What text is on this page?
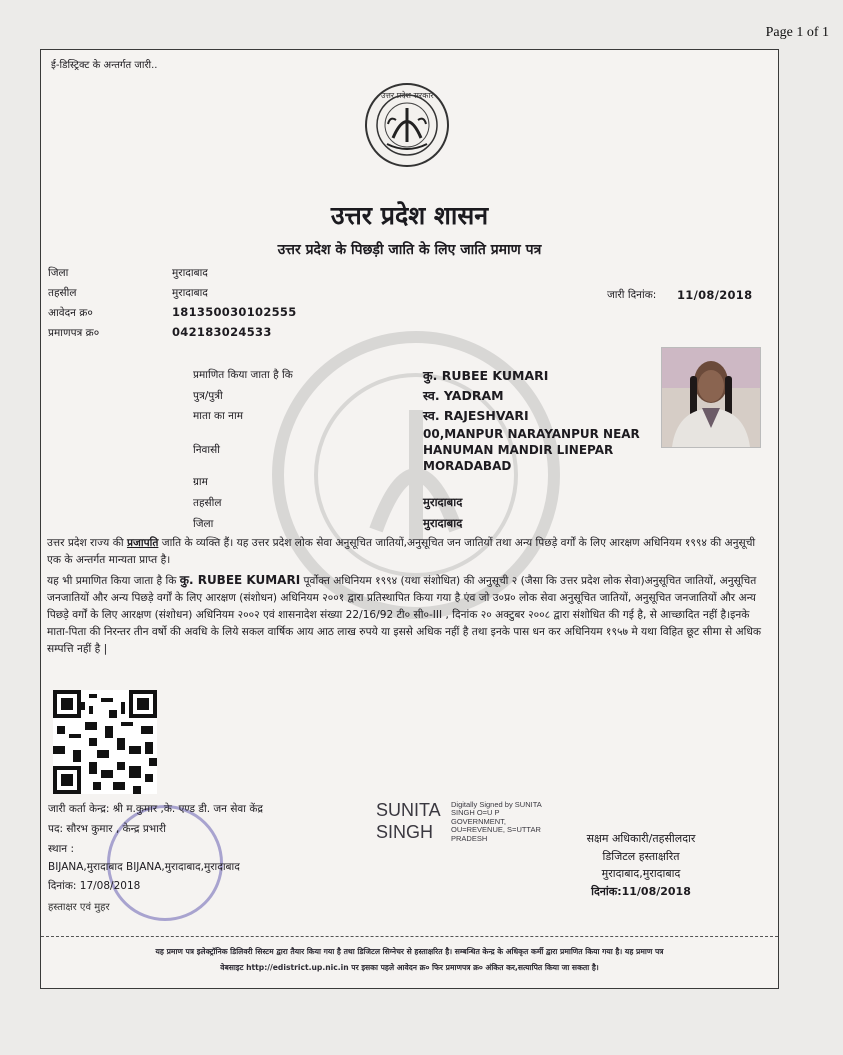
Page 1 of 1
ई-डिस्ट्रिक्ट के अन्तर्गत जारी..
उत्तर प्रदेश सरकार
उत्तर प्रदेश शासन
उत्तर प्रदेश के पिछड़ी जाति के लिए जाति प्रमाण पत्र
जिला	मुरादाबाद
तहसील	मुरादाबाद
आवेदन क्र०	181350030102555
प्रमाणपत्र क्र०	042183024533
जारी दिनांक: 11/08/2018
प्रमाणित किया जाता है कि	कु. RUBEE KUMARI
पुत्र/पुत्री	स्व. YADRAM
माता का नाम	स्व. RAJESHVARI
निवासी
00,MANPUR NARAYANPUR NEAR
HANUMAN MANDIR LINEPAR
MORADABAD
ग्राम
तहसील	मुरादाबाद
जिला	मुरादाबाद
उत्तर प्रदेश राज्य की प्रजापति जाति के व्यक्ति हैं। यह उत्तर प्रदेश लोक सेवा अनुसूचित जातियों,अनुसूचित जन जातियों तथा अन्य पिछड़े वर्गों के लिए आरक्षण अधिनियम १९९४ की अनुसूची एक के अन्तर्गत मान्यता प्राप्त है।
यह भी प्रमाणित किया जाता है कि कु. RUBEE KUMARI पूर्वोक्त अधिनियम १९९४ (यथा संशोधित) की अनुसूची २ (जैसा कि उत्तर प्रदेश लोक सेवा)अनुसूचित जातियों, अनुसूचित जनजातियों और अन्य पिछड़े वर्गों के लिए आरक्षण (संशोधन) अधिनियम २००१ द्वारा प्रतिस्थापित किया गया है एंव जो उ०प्र० लोक सेवा अनुसूचित जातियों, अनुसूचित जनजातियों और अन्य पिछड़े वर्गों के लिए आरक्षण (संशोधन) अधिनियम २००२ एवं शासनादेश संख्या 22/16/92 टी० सी०-III , दिनांक २० अक्टुबर २००८ द्वारा संशोधित की गई है, से आच्छादित नहीं है।इनके माता-पिता की निरन्तर तीन वर्षो की अवधि के लिये सकल वार्षिक आय आठ लाख रुपये या इससे अधिक नहीं है तथा इनके पास धन कर अधिनियम १९५७ मे यथा विहित छूट सीमा से अधिक सम्पत्ति नहीं है |
जारी कर्ता केन्द्र: श्री म.कुमार ,के. एण्ड डी. जन सेवा केंद्र
पद: सौरभ कुमार , केन्द्र प्रभारी
स्थान :
BIJANA,मुरादाबाद BIJANA,मुरादाबाद,मुरादाबाद
दिनांक: 17/08/2018
हस्ताक्षर एवं मुहर
SUNITA
SINGH
Digitally Signed by SUNITA
SINGH O=U P
GOVERNMENT,
OU=REVENUE, S=UTTAR
PRADESH	सक्षम अधिकारी/तहसीलदार
डिजिटल हस्ताक्षरित
मुरादाबाद,मुरादाबाद
दिनांक:11/08/2018
यह प्रमाण पत्र इलेक्ट्रॉनिक डिलिवरी सिस्टम द्वारा तैयार किया गया है तथा डिजिटल सिग्नेचर से हस्ताक्षरित है। सम्बन्धित केन्द्र के अधिकृत कर्मी द्वारा प्रमाणित किया गया है। यह प्रमाण पत्र
वेबसाइट http://edistrict.up.nic.in पर इसका पहले आवेदन क्र० फिर प्रमाणपत्र क्र० अंकित कर,सत्यापित किया जा सकता है।
